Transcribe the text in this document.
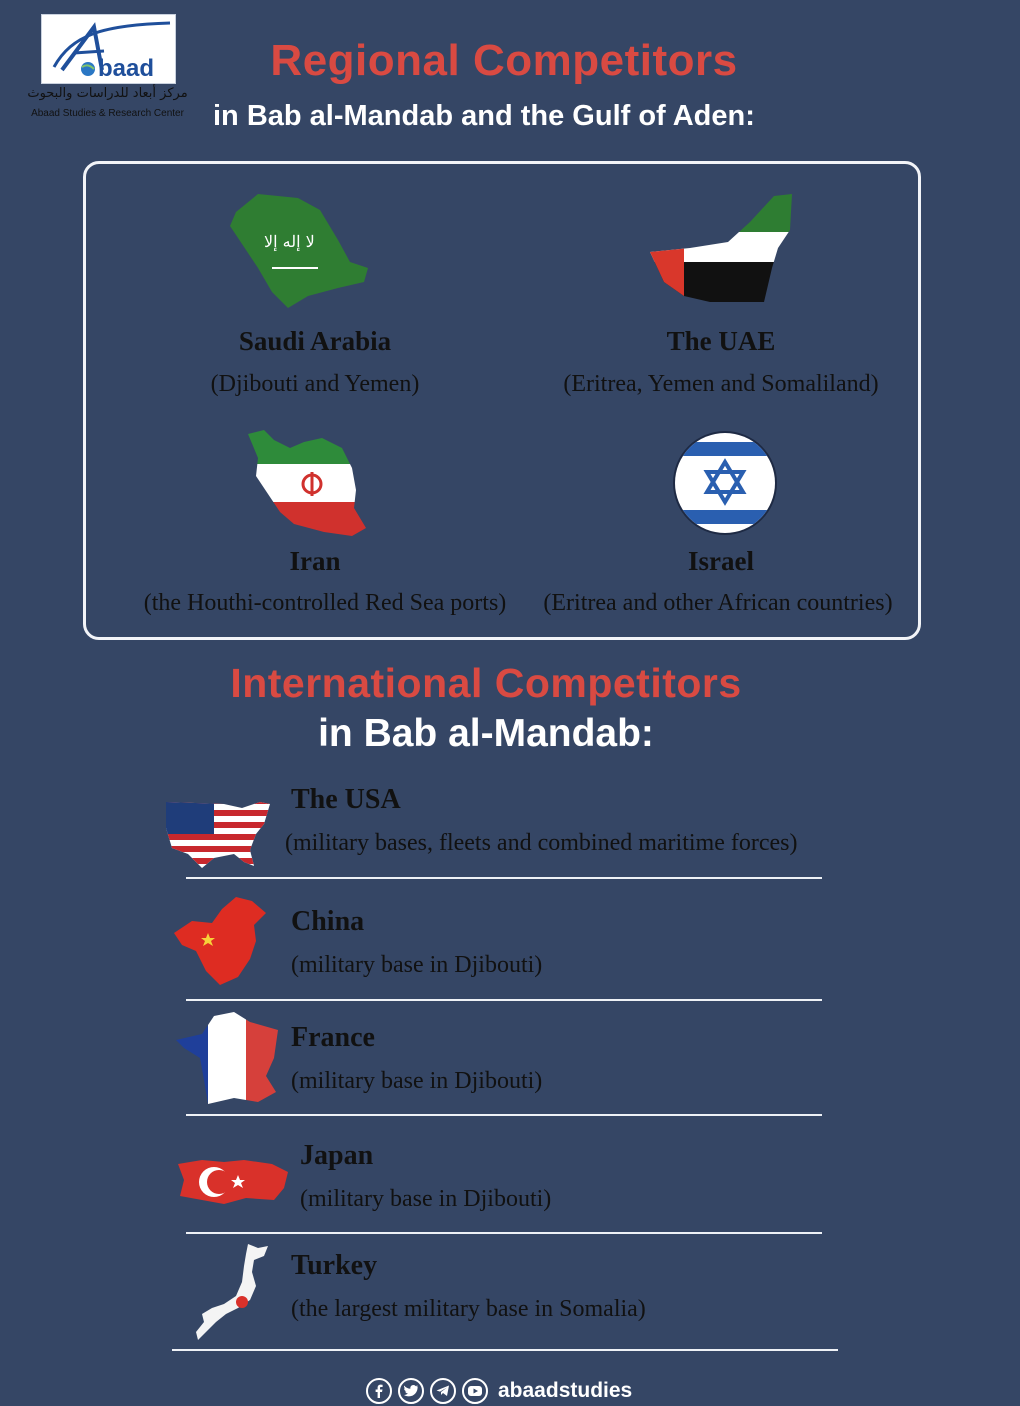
baad
مركز أبعاد للدراسات والبحوث
Abaad Studies & Research Center
Regional Competitors
in Bab al-Mandab and the Gulf of Aden:
ﻻ إله إلا
Saudi Arabia
(Djibouti and Yemen)
The UAE
(Eritrea, Yemen and Somaliland)
Iran
(the Houthi-controlled Red Sea ports)
Israel
(Eritrea and other African countries)
International Competitors
in Bab al-Mandab:
The USA
(military bases, fleets and combined maritime forces)
China
(military base in Djibouti)
France
(military base in Djibouti)
Japan
(military base in Djibouti)
Turkey
(the largest military base in Somalia)
abaadstudies
